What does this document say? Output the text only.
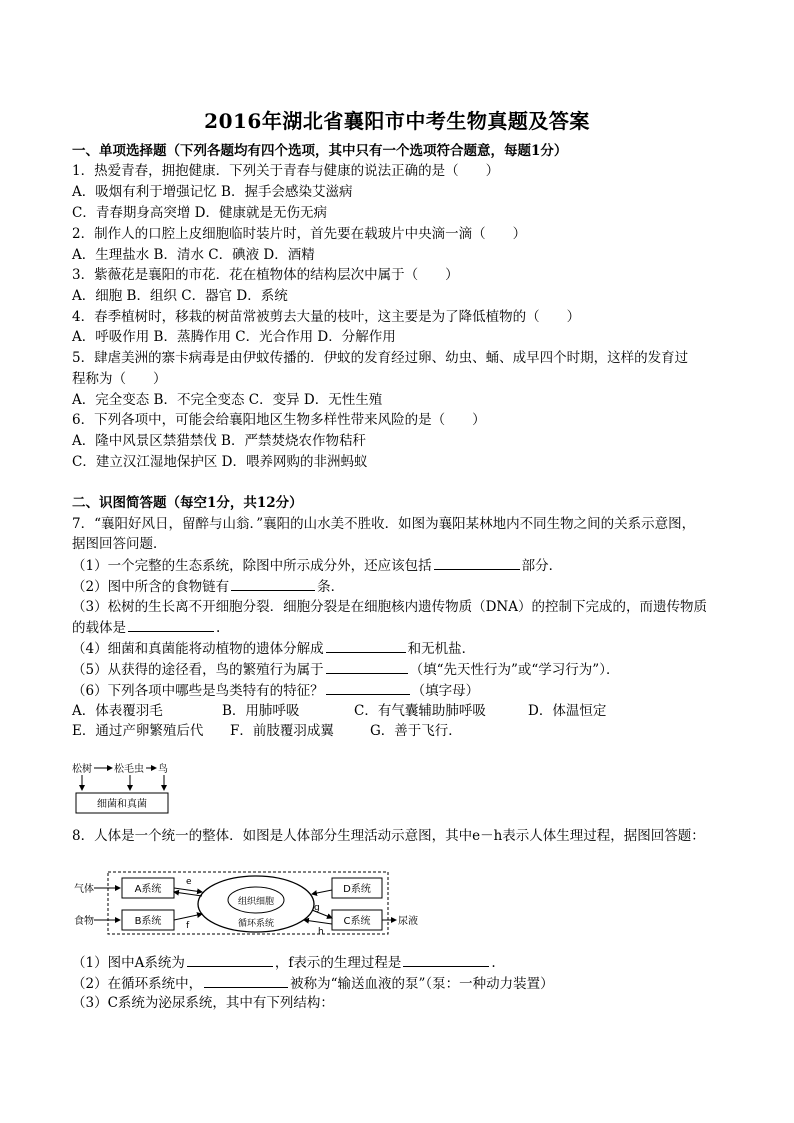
2016年湖北省襄阳市中考生物真题及答案
一、单项选择题（下列各题均有四个选项，其中只有一个选项符合题意，每题1分）
1．热爱青春，拥抱健康．下列关于青春与健康的说法正确的是（　　）
A．吸烟有利于增强记忆 B．握手会感染艾滋病
C．青春期身高突增 D．健康就是无伤无病
2．制作人的口腔上皮细胞临时装片时，首先要在载玻片中央滴一滴（　　）
A．生理盐水 B．清水 C．碘液 D．酒精
3．紫薇花是襄阳的市花．花在植物体的结构层次中属于（　　）
A．细胞 B．组织 C．器官 D．系统
4．春季植树时，移栽的树苗常被剪去大量的枝叶，这主要是为了降低植物的（　　）
A．呼吸作用 B．蒸腾作用 C．光合作用 D．分解作用
5．肆虐美洲的寨卡病毒是由伊蚊传播的．伊蚊的发育经过卵、幼虫、蛹、成早四个时期，这样的发育过
程称为（　　）
A．完全变态 B．不完全变态 C．变异 D．无性生殖
6．下列各项中，可能会给襄阳地区生物多样性带来风险的是（　　）
A．隆中风景区禁猎禁伐 B．严禁焚烧农作物秸秆
C．建立汉江湿地保护区 D．喂养网购的非洲蚂蚁
二、识图简答题（每空1分，共12分）
7．“襄阳好风日，留醉与山翁．”襄阳的山水美不胜收．如图为襄阳某林地内不同生物之间的关系示意图，
据图回答问题．
（1）一个完整的生态系统，除图中所示成分外，还应该包括	部分．
（2）图中所含的食物链有	条．
（3）松树的生长离不开细胞分裂．细胞分裂是在细胞核内遗传物质（DNA）的控制下完成的，而遗传物质
的载体是	.
（4）细菌和真菌能将动植物的遗体分解成	和无机盐．
（5）从获得的途径看，鸟的繁殖行为属于	（填“先天性行为”或“学习行为”）．
（6）下列各项中哪些是鸟类特有的特征？	（填字母）
A．体表覆羽毛	B．用肺呼吸	C．有气囊辅助肺呼吸	D．体温恒定
E．通过产卵繁殖后代 F．前肢覆羽成翼	G．善于飞行．
松树 松毛虫 鸟
细菌和真菌
8．人体是一个统一的整体．如图是人体部分生理活动示意图，其中e－h表示人体生理过程，据图回答题：
气体
食物
A系统
B系统
组织细胞
循环系统
e
f
D系统
C系统
g
h
尿液
（1）图中A系统为	，f表示的生理过程是	.
（2）在循环系统中，	被称为“输送血液的泵”（泵：一种动力装置）
（3）C系统为泌尿系统，其中有下列结构：
